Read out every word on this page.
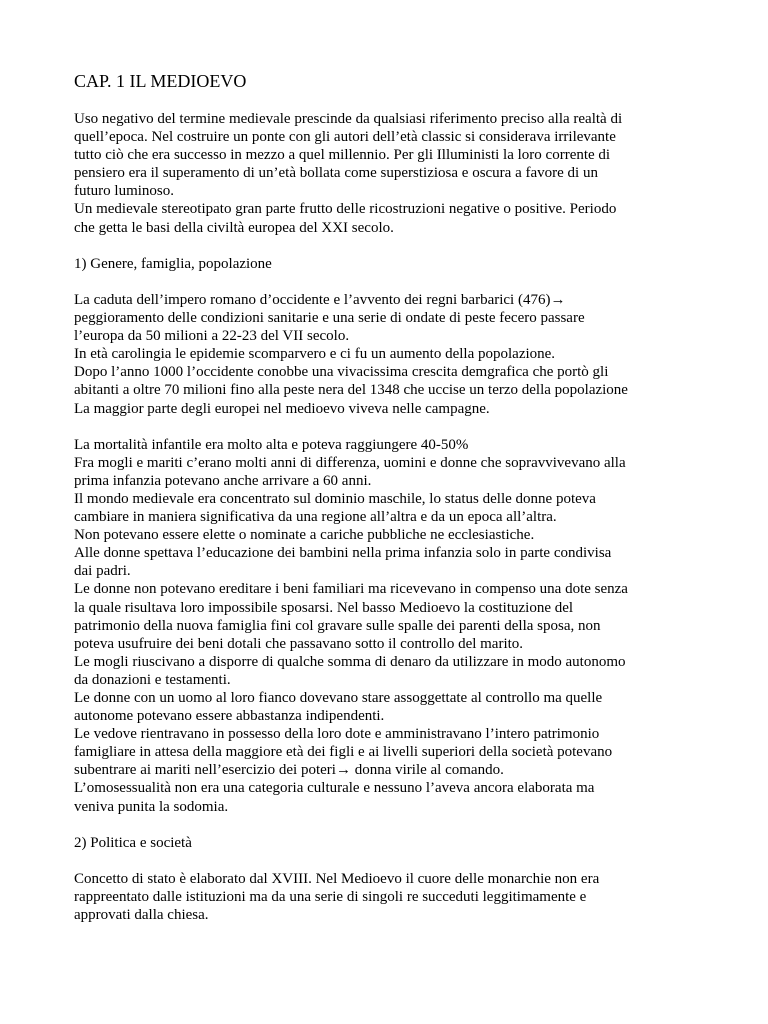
CAP. 1 IL MEDIOEVO

Uso negativo del termine medievale prescinde da qualsiasi riferimento preciso alla realtà di
quell’epoca. Nel costruire un ponte con gli autori dell’età classic si considerava irrilevante
tutto ciò che era successo in mezzo a quel millennio. Per gli Illuministi la loro corrente di
pensiero era il superamento di un’età bollata come superstiziosa e oscura a favore di un
futuro luminoso.

Un medievale stereotipato gran parte frutto delle ricostruzioni negative o positive. Periodo
che getta le basi della civiltà europea del XXI secolo.

1) Genere, famiglia, popolazione

La caduta dell’impero romano d’occidente e l’avvento dei regni barbarici (476)→
peggioramento delle condizioni sanitarie e una serie di ondate di peste fecero passare
l’europa da 50 milioni a 22-23 del VII secolo.
In età carolingia le epidemie scomparvero e ci fu un aumento della popolazione.
Dopo l’anno 1000 l’occidente conobbe una vivacissima crescita demgrafica che portò gli
abitanti a oltre 70 milioni fino alla peste nera del 1348 che uccise un terzo della popolazione
La maggior parte degli europei nel medioevo viveva nelle campagne.

La mortalità infantile era molto alta e poteva raggiungere 40-50%
Fra mogli e mariti c’erano molti anni di differenza, uomini e donne che sopravvivevano alla
prima infanzia potevano anche arrivare a 60 anni.
Il mondo medievale era concentrato sul dominio maschile, lo status delle donne poteva
cambiare in maniera significativa da una regione all’altra e da un epoca all’altra.
Non potevano essere elette o nominate a cariche pubbliche ne ecclesiastiche.
Alle donne spettava l’educazione dei bambini nella prima infanzia solo in parte condivisa
dai padri.
Le donne non potevano ereditare i beni familiari ma ricevevano in compenso una dote senza
la quale risultava loro impossibile sposarsi. Nel basso Medioevo la costituzione del
patrimonio della nuova famiglia fini col gravare sulle spalle dei parenti della sposa, non
poteva usufruire dei beni dotali che passavano sotto il controllo del marito.
Le mogli riuscivano a disporre di qualche somma di denaro da utilizzare in modo autonomo
da donazioni e testamenti.
Le donne con un uomo al loro fianco dovevano stare assoggettate al controllo ma quelle
autonome potevano essere abbastanza indipendenti.
Le vedove rientravano in possesso della loro dote e amministravano l’intero patrimonio
famigliare in attesa della maggiore età dei figli e ai livelli superiori della società potevano
subentrare ai mariti nell’esercizio dei poteri→ donna virile al comando.
L’omosessualità non era una categoria culturale e nessuno l’aveva ancora elaborata ma
veniva punita la sodomia.

2) Politica e società

Concetto di stato è elaborato dal XVIII. Nel Medioevo il cuore delle monarchie non era
rappreentato dalle istituzioni ma da una serie di singoli re succeduti leggitimamente e
approvati dalla chiesa.
